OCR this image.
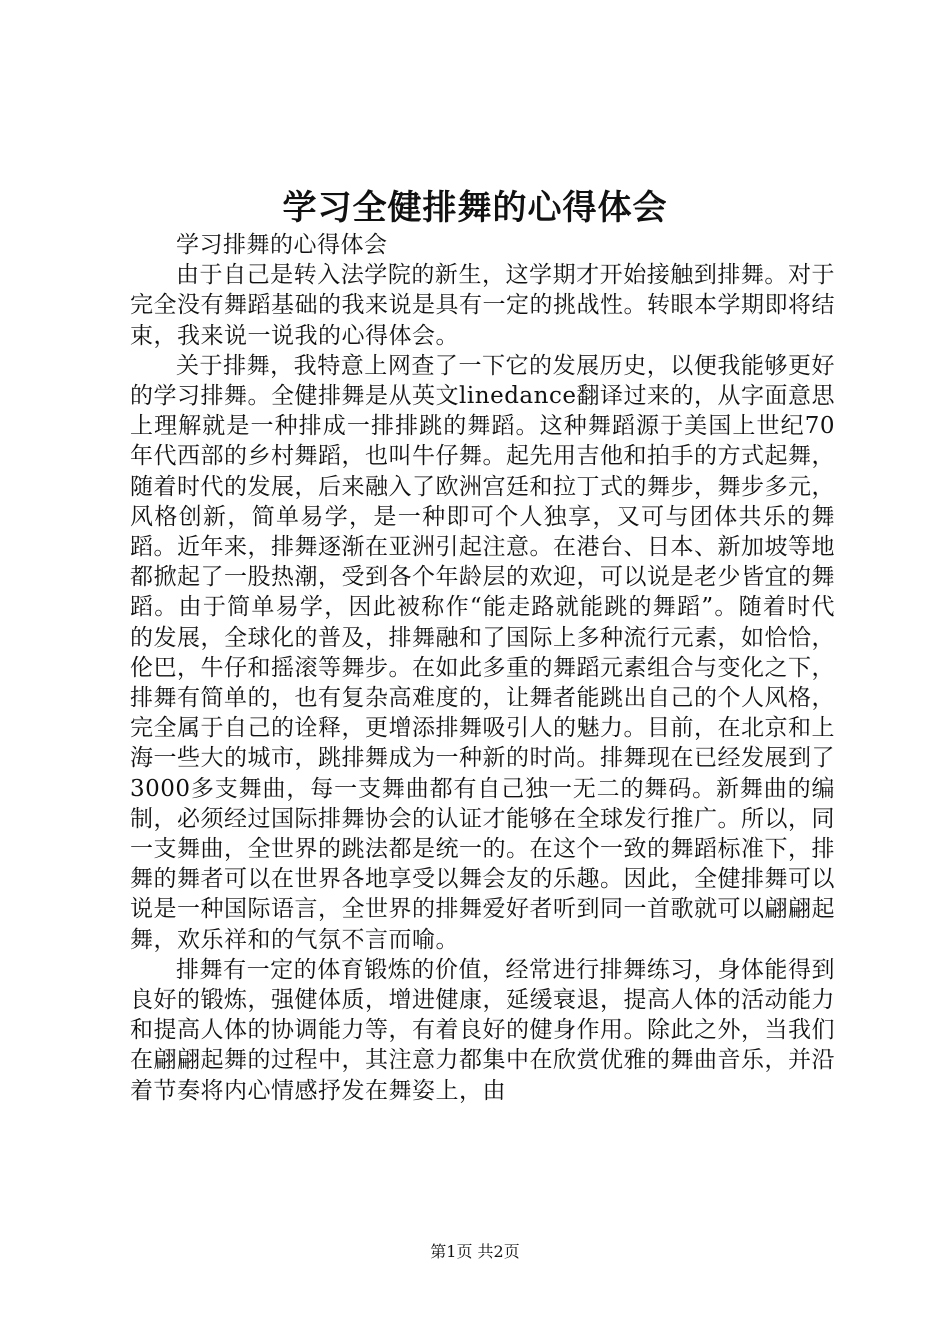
学习全健排舞的心得体会

学习排舞的心得体会

由于自己是转入法学院的新生，这学期才开始接触到排舞。对于完全没有舞蹈基础的我来说是具有一定的挑战性。转眼本学期即将结束，我来说一说我的心得体会。

关于排舞，我特意上网查了一下它的发展历史，以便我能够更好的学习排舞。全健排舞是从英文linedance翻译过来的，从字面意思上理解就是一种排成一排排跳的舞蹈。这种舞蹈源于美国上世纪70年代西部的乡村舞蹈，也叫牛仔舞。起先用吉他和拍手的方式起舞，随着时代的发展，后来融入了欧洲宫廷和拉丁式的舞步，舞步多元，风格创新，简单易学，是一种即可个人独享，又可与团体共乐的舞蹈。近年来，排舞逐渐在亚洲引起注意。在港台、日本、新加坡等地都掀起了一股热潮，受到各个年龄层的欢迎，可以说是老少皆宜的舞蹈。由于简单易学，因此被称作“能走路就能跳的舞蹈”。随着时代的发展，全球化的普及，排舞融和了国际上多种流行元素，如恰恰，伦巴，牛仔和摇滚等舞步。在如此多重的舞蹈元素组合与变化之下，排舞有简单的，也有复杂高难度的，让舞者能跳出自己的个人风格，完全属于自己的诠释，更增添排舞吸引人的魅力。目前，在北京和上海一些大的城市，跳排舞成为一种新的时尚。排舞现在已经发展到了3000多支舞曲，每一支舞曲都有自己独一无二的舞码。新舞曲的编制，必须经过国际排舞协会的认证才能够在全球发行推广。所以，同一支舞曲，全世界的跳法都是统一的。在这个一致的舞蹈标准下，排舞的舞者可以在世界各地享受以舞会友的乐趣。因此，全健排舞可以说是一种国际语言，全世界的排舞爱好者听到同一首歌就可以翩翩起舞，欢乐祥和的气氛不言而喻。

排舞有一定的体育锻炼的价值，经常进行排舞练习，身体能得到良好的锻炼，强健体质，增进健康，延缓衰退，提高人体的活动能力和提高人体的协调能力等，有着良好的健身作用。除此之外，当我们在翩翩起舞的过程中，其注意力都集中在欣赏优雅的舞曲音乐，并沿着节奏将内心情感抒发在舞姿上，由

第1页 共2页
